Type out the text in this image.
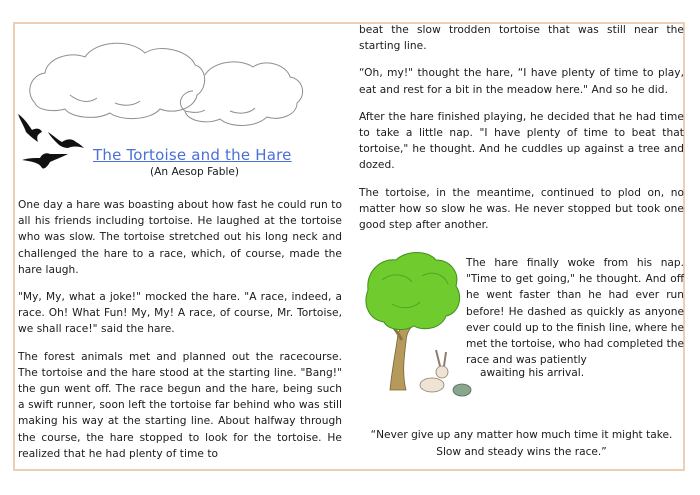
The Tortoise and the Hare
(An Aesop Fable)

One day a hare was boasting about how fast he could run to all his friends including tortoise. He laughed at the tortoise who was slow. The tortoise stretched out his long neck and challenged the hare to a race, which, of course, made the hare laugh.

"My, My, what a joke!" mocked the hare. "A race, indeed, a race. Oh! What Fun! My, My! A race, of course, Mr. Tortoise, we shall race!" said the hare.

The forest animals met and planned out the racecourse. The tortoise and the hare stood at the starting line. "Bang!" the gun went off. The race begun and the hare, being such a swift runner, soon left the tortoise far behind who was still making his way at the starting line. About halfway through the course, the hare stopped to look for the tortoise. He realized that he had plenty of time to

beat the slow trodden tortoise that was still near the starting line.

“Oh, my!" thought the hare, “I have plenty of time to play, eat and rest for a bit in the meadow here." And so he did.

After the hare finished playing, he decided that he had time to take a little nap. "I have plenty of time to beat that tortoise," he thought. And he cuddles up against a tree and dozed.

The tortoise, in the meantime, continued to plod on, no matter how so slow he was. He never stopped but took one good step after another.

The hare finally woke from his nap. "Time to get going," he thought. And off he went faster than he had ever run before! He dashed as quickly as anyone ever could up to the finish line, where he met the tortoise, who had completed the race and was patiently
awaiting his arrival.
“Never give up any matter how much time it might take.
Slow and steady wins the race.”
